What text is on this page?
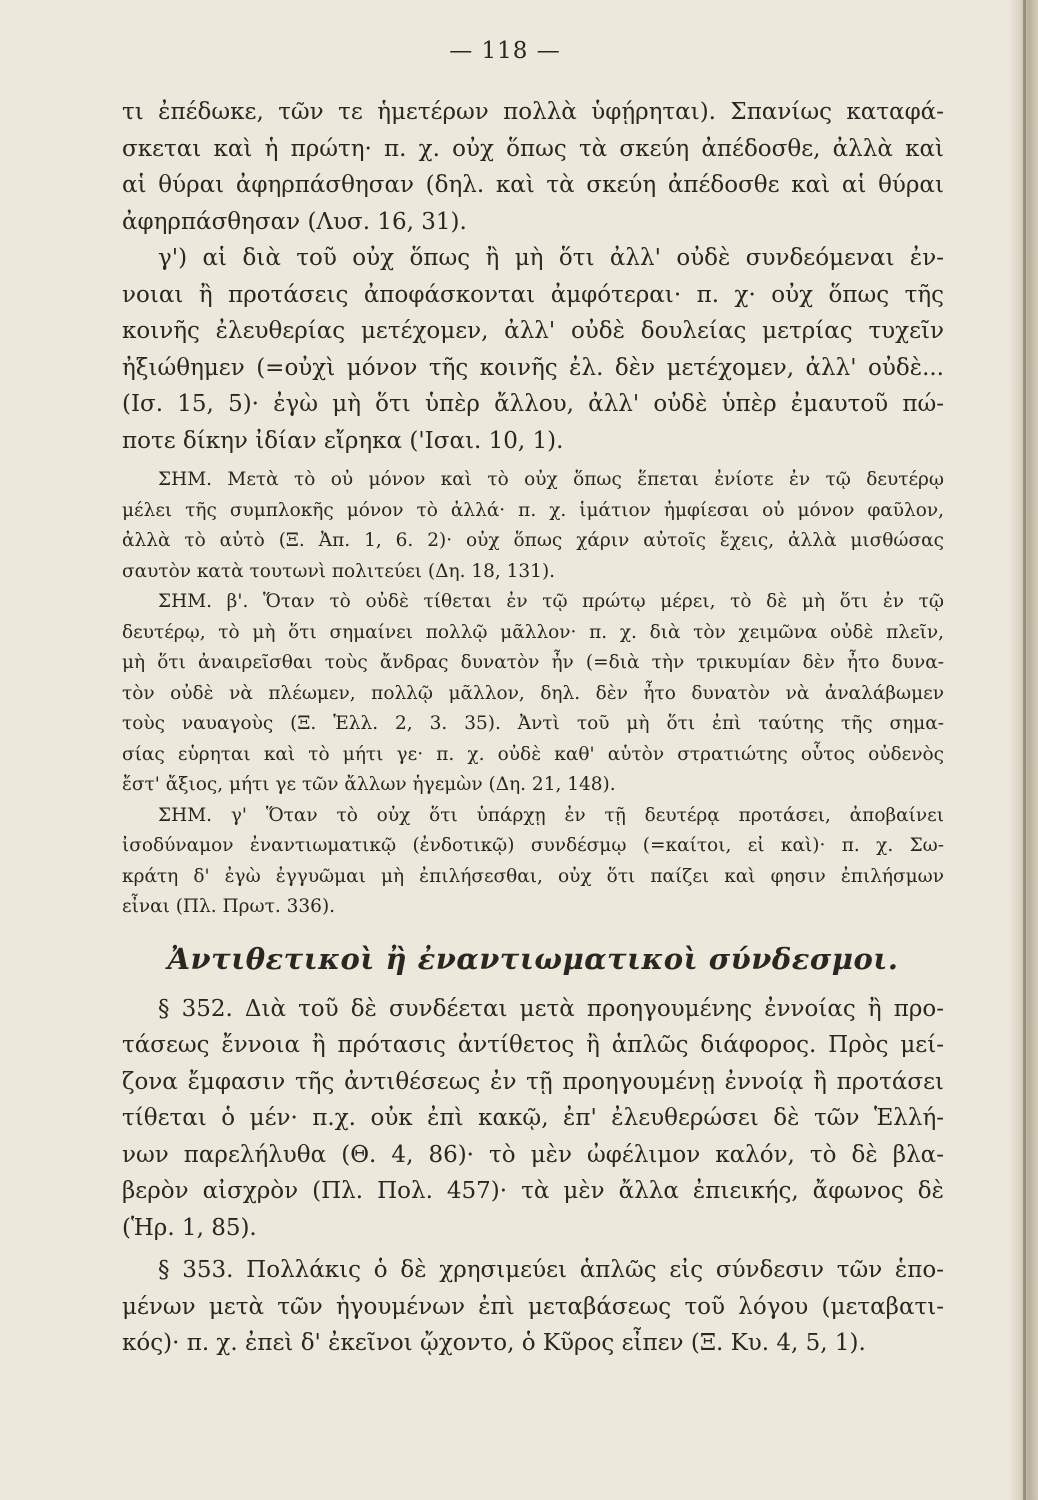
— 118 —
τι ἐπέδωκε, τῶν τε ἡμετέρων πολλὰ ὑφῄρηται). Σπανίως καταφά-
σκεται καὶ ἡ πρώτη· π. χ. οὐχ ὅπως τὰ σκεύη ἀπέδοσθε, ἀλλὰ καὶ
αἱ θύραι ἀφηρπάσθησαν (δηλ. καὶ τὰ σκεύη ἀπέδοσθε καὶ αἱ θύραι
ἀφηρπάσθησαν (Λυσ. 16, 31).
γ') αἱ διὰ τοῦ οὐχ ὅπως ἢ μὴ ὅτι ἀλλ' οὐδὲ συνδεόμεναι ἐν-
νοιαι ἢ προτάσεις ἀποφάσκονται ἀμφότεραι· π. χ· οὐχ ὅπως τῆς
κοινῆς ἐλευθερίας μετέχομεν, ἀλλ' οὐδὲ δουλείας μετρίας τυχεῖν
ἠξιώθημεν (=οὐχὶ μόνον τῆς κοινῆς ἐλ. δὲν μετέχομεν, ἀλλ' οὐδὲ...
(Ισ. 15, 5)· ἐγὼ μὴ ὅτι ὑπὲρ ἄλλου, ἀλλ' οὐδὲ ὑπὲρ ἐμαυτοῦ πώ-
ποτε δίκην ἰδίαν εἴρηκα ('Ισαι. 10, 1).
ΣΗΜ. Μετὰ τὸ οὐ μόνον καὶ τὸ οὐχ ὅπως ἕπεται ἐνίοτε ἐν τῷ δευτέρῳ
μέλει τῆς συμπλοκῆς μόνον τὸ ἀλλά· π. χ. ἱμάτιον ἠμφίεσαι οὐ μόνον φαῦλον,
ἀλλὰ τὸ αὐτὸ (Ξ. Ἀπ. 1, 6. 2)· οὐχ ὅπως χάριν αὐτοῖς ἔχεις, ἀλλὰ μισθώσας
σαυτὸν κατὰ τουτωνὶ πολιτεύει (Δη. 18, 131).
ΣΗΜ. β'. Ὅταν τὸ οὐδὲ τίθεται ἐν τῷ πρώτῳ μέρει, τὸ δὲ μὴ ὅτι ἐν τῷ
δευτέρῳ, τὸ μὴ ὅτι σημαίνει πολλῷ μᾶλλον· π. χ. διὰ τὸν χειμῶνα οὐδὲ πλεῖν,
μὴ ὅτι ἀναιρεῖσθαι τοὺς ἄνδρας δυνατὸν ἦν (=διὰ τὴν τρικυμίαν δὲν ἦτο δυνα-
τὸν οὐδὲ νὰ πλέωμεν, πολλῷ μᾶλλον, δηλ. δὲν ἦτο δυνατὸν νὰ ἀναλάβωμεν
τοὺς ναυαγοὺς (Ξ. Ἑλλ. 2, 3. 35). Ἀντὶ τοῦ μὴ ὅτι ἐπὶ ταύτης τῆς σημα-
σίας εὑρηται καὶ τὸ μήτι γε· π. χ. οὐδὲ καθ' αὑτὸν στρατιώτης οὗτος οὐδενὸς
ἔστ' ἄξιος, μήτι γε τῶν ἄλλων ἡγεμὼν (Δη. 21, 148).
ΣΗΜ. γ' Ὅταν τὸ οὐχ ὅτι ὑπάρχῃ ἐν τῇ δευτέρᾳ προτάσει, ἀποβαίνει
ἰσοδύναμον ἐναντιωματικῷ (ἐνδοτικῷ) συνδέσμῳ (=καίτοι, εἰ καὶ)· π. χ. Σω-
κράτη δ' ἐγὼ ἐγγυῶμαι μὴ ἐπιλήσεσθαι, οὐχ ὅτι παίζει καὶ φησιν ἐπιλήσμων
εἶναι (Πλ. Πρωτ. 336).
Ἀντιθετικοὶ ἢ ἐναντιωματικοὶ σύνδεσμοι.
§ 352. Διὰ τοῦ δὲ συνδέεται μετὰ προηγουμένης ἐννοίας ἢ προ-
τάσεως ἔννοια ἢ πρότασις ἀντίθετος ἢ ἁπλῶς διάφορος. Πρὸς μεί-
ζονα ἔμφασιν τῆς ἀντιθέσεως ἐν τῇ προηγουμένῃ ἐννοίᾳ ἢ προτάσει
τίθεται ὁ μέν· π.χ. οὐκ ἐπὶ κακῷ, ἐπ' ἐλευθερώσει δὲ τῶν Ἑλλή-
νων παρελήλυθα (Θ. 4, 86)· τὸ μὲν ὠφέλιμον καλόν, τὸ δὲ βλα-
βερὸν αἰσχρὸν (Πλ. Πολ. 457)· τὰ μὲν ἄλλα ἐπιεικής, ἄφωνος δὲ
(Ἡρ. 1, 85).
§ 353. Πολλάκις ὁ δὲ χρησιμεύει ἁπλῶς εἰς σύνδεσιν τῶν ἑπο-
μένων μετὰ τῶν ἡγουμένων ἐπὶ μεταβάσεως τοῦ λόγου (μεταβατι-
κός)· π. χ. ἐπεὶ δ' ἐκεῖνοι ᾤχοντο, ὁ Κῦρος εἶπεν (Ξ. Κυ. 4, 5, 1).
